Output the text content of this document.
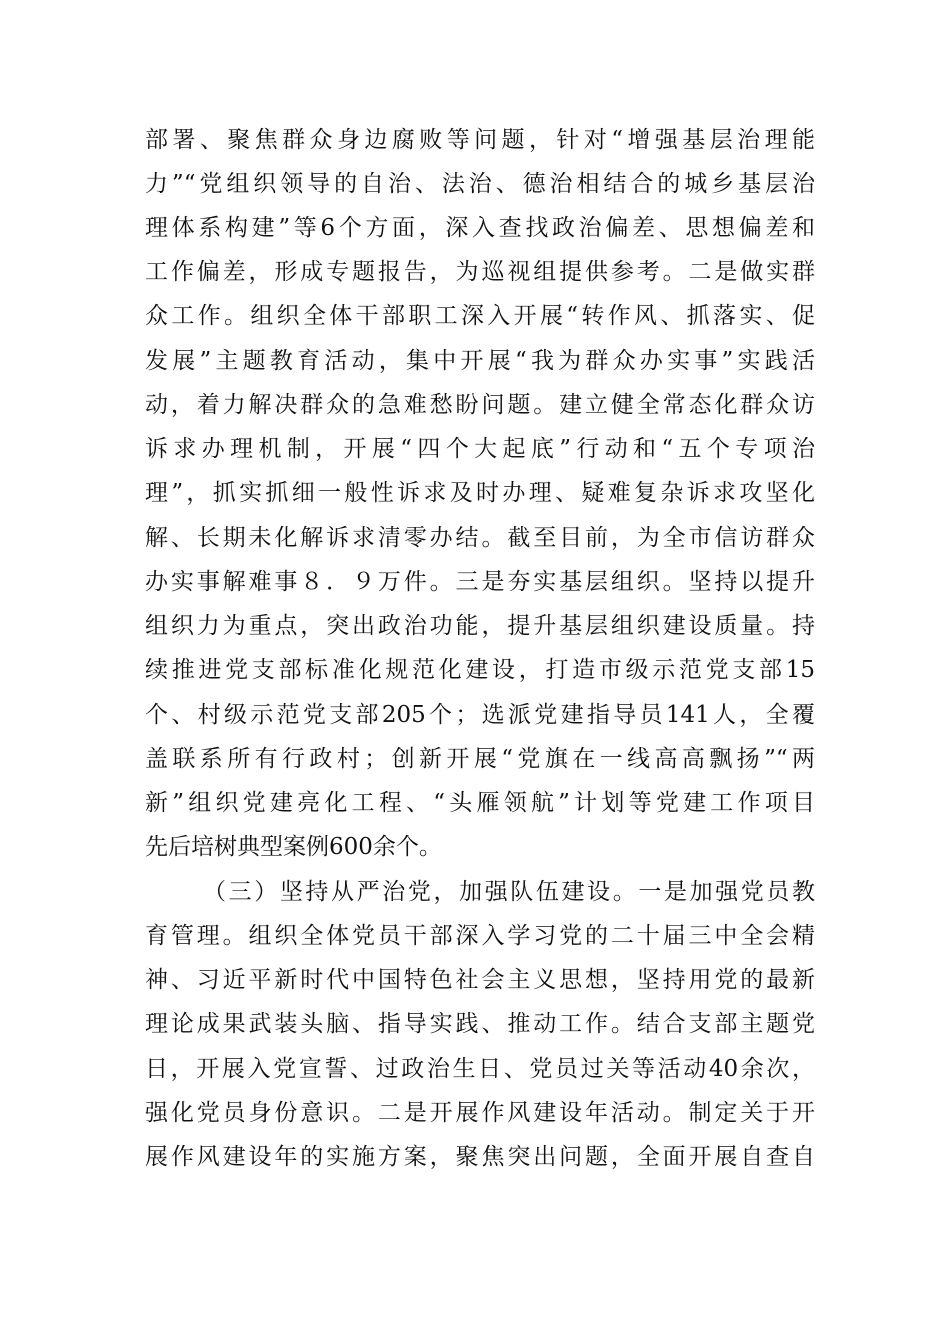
部署、聚焦群众身边腐败等问题，针对“增强基层治理能
力”“党组织领导的自治、法治、德治相结合的城乡基层治
理体系构建”等6个方面，深入查找政治偏差、思想偏差和
工作偏差，形成专题报告，为巡视组提供参考。二是做实群
众工作。组织全体干部职工深入开展“转作风、抓落实、促
发展”主题教育活动，集中开展“我为群众办实事”实践活
动，着力解决群众的急难愁盼问题。建立健全常态化群众访
诉求办理机制，开展“四个大起底”行动和“五个专项治
理”，抓实抓细一般性诉求及时办理、疑难复杂诉求攻坚化
解、长期未化解诉求清零办结。截至目前，为全市信访群众
办实事解难事８．９万件。三是夯实基层组织。坚持以提升
组织力为重点，突出政治功能，提升基层组织建设质量。持
续推进党支部标准化规范化建设，打造市级示范党支部15
个、村级示范党支部205个；选派党建指导员141人，全覆
盖联系所有行政村；创新开展“党旗在一线高高飘扬”“两
新”组织党建亮化工程、“头雁领航”计划等党建工作项目
先后培树典型案例600余个。
（三）坚持从严治党，加强队伍建设。一是加强党员教
育管理。组织全体党员干部深入学习党的二十届三中全会精
神、习近平新时代中国特色社会主义思想，坚持用党的最新
理论成果武装头脑、指导实践、推动工作。结合支部主题党
日，开展入党宣誓、过政治生日、党员过关等活动40余次，
强化党员身份意识。二是开展作风建设年活动。制定关于开
展作风建设年的实施方案，聚焦突出问题，全面开展自查自
